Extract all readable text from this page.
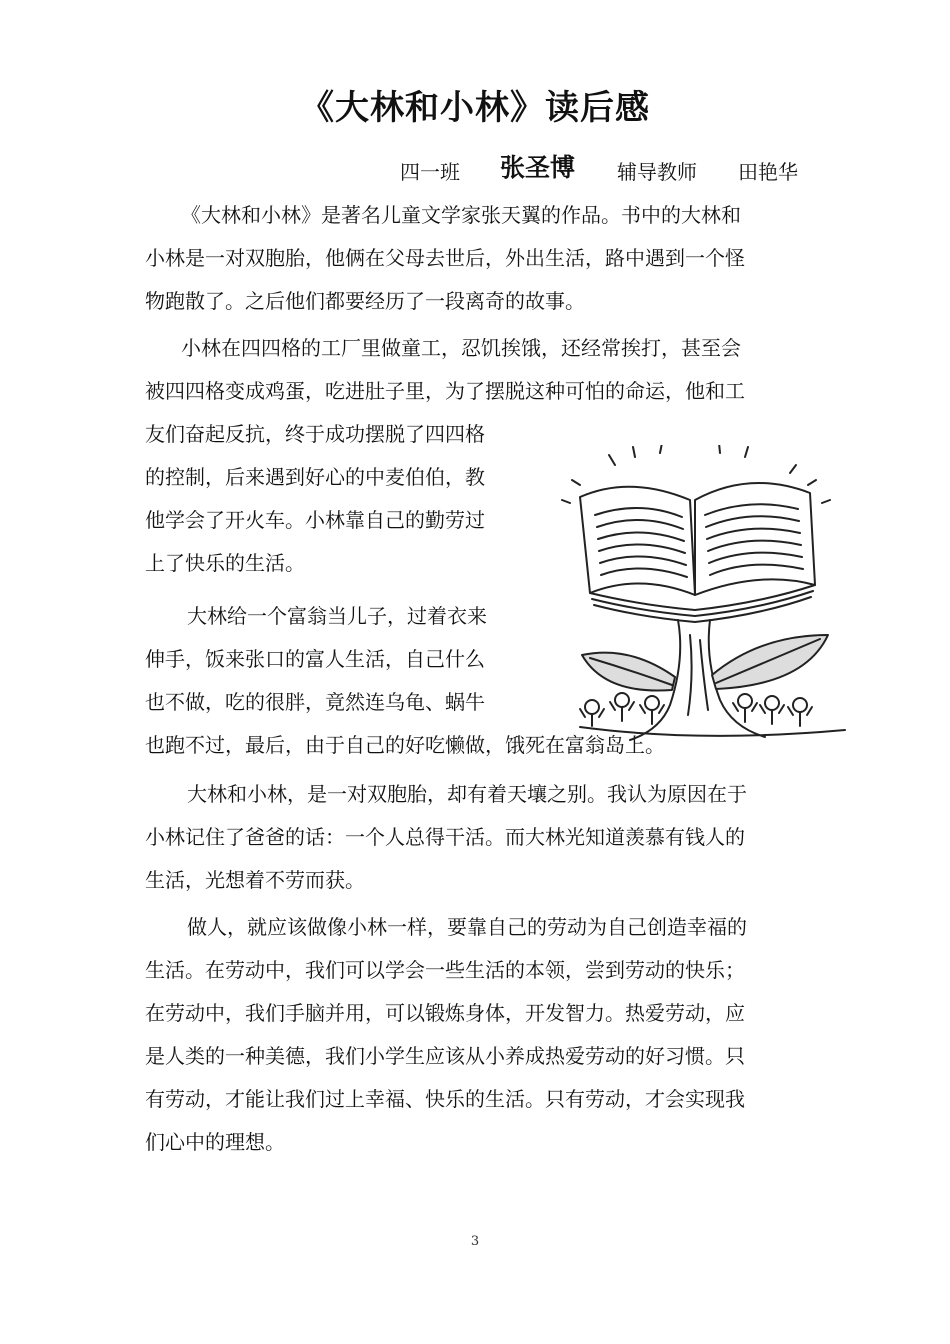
《大林和小林》读后感
四一班 张圣博 辅导教师 田艳华
《大林和小林》是著名儿童文学家张天翼的作品。书中的大林和
小林是一对双胞胎，他俩在父母去世后，外出生活，路中遇到一个怪
物跑散了。之后他们都要经历了一段离奇的故事。
小林在四四格的工厂里做童工，忍饥挨饿，还经常挨打，甚至会
被四四格变成鸡蛋，吃进肚子里，为了摆脱这种可怕的命运，他和工
友们奋起反抗，终于成功摆脱了四四格
的控制，后来遇到好心的中麦伯伯，教
他学会了开火车。小林靠自己的勤劳过
上了快乐的生活。
大林给一个富翁当儿子，过着衣来
伸手，饭来张口的富人生活，自己什么
也不做，吃的很胖，竟然连乌龟、蜗牛
也跑不过，最后，由于自己的好吃懒做，饿死在富翁岛上。
大林和小林，是一对双胞胎，却有着天壤之别。我认为原因在于
小林记住了爸爸的话：一个人总得干活。而大林光知道羡慕有钱人的
生活，光想着不劳而获。
做人，就应该做像小林一样，要靠自己的劳动为自己创造幸福的
生活。在劳动中，我们可以学会一些生活的本领，尝到劳动的快乐；
在劳动中，我们手脑并用，可以锻炼身体，开发智力。热爱劳动，应
是人类的一种美德，我们小学生应该从小养成热爱劳动的好习惯。只
有劳动，才能让我们过上幸福、快乐的生活。只有劳动，才会实现我
们心中的理想。
3
